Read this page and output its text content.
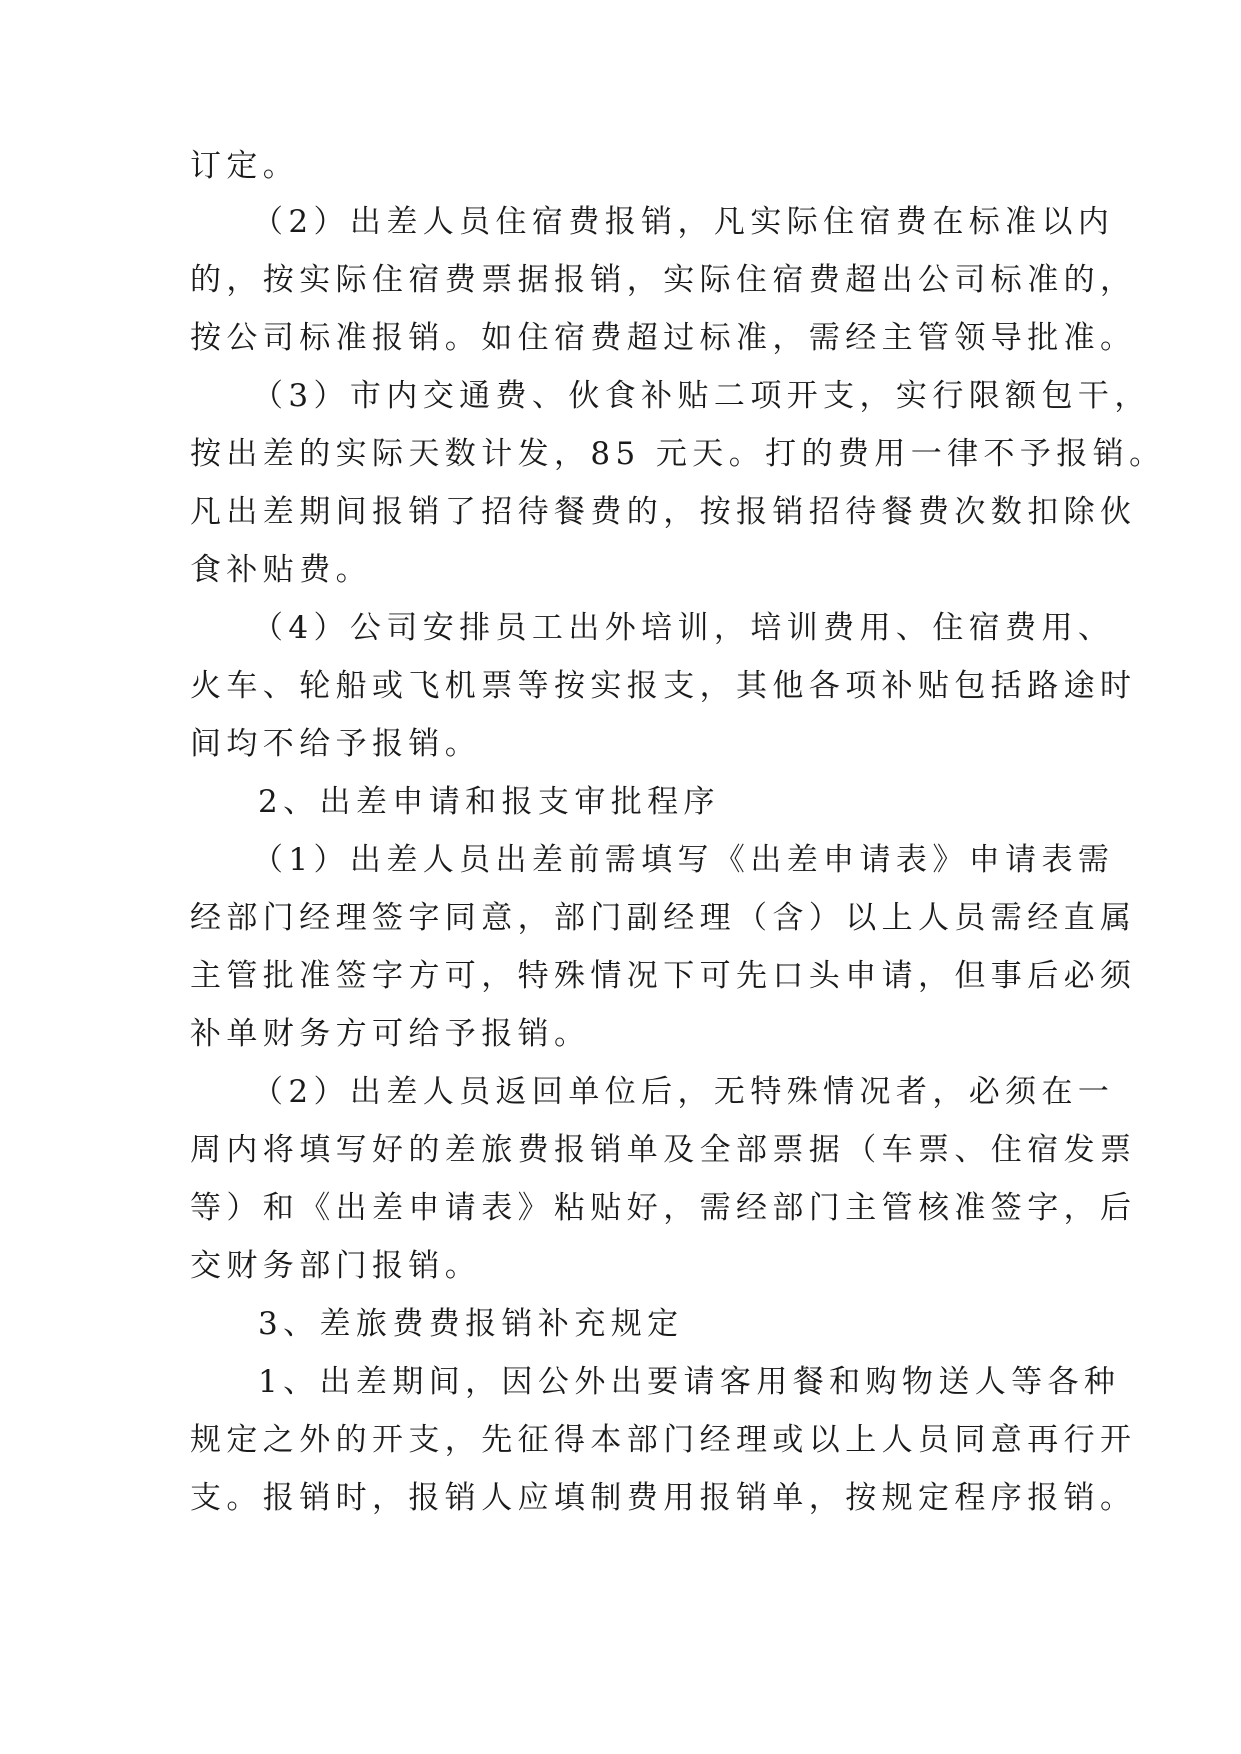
订定。
（2）出差人员住宿费报销，凡实际住宿费在标准以内
的，按实际住宿费票据报销，实际住宿费超出公司标准的，
按公司标准报销。如住宿费超过标准，需经主管领导批准。
（3）市内交通费、伙食补贴二项开支，实行限额包干，
按出差的实际天数计发，85 元天。打的费用一律不予报销。
凡出差期间报销了招待餐费的，按报销招待餐费次数扣除伙
食补贴费。
（4）公司安排员工出外培训，培训费用、住宿费用、
火车、轮船或飞机票等按实报支，其他各项补贴包括路途时
间均不给予报销。
2、出差申请和报支审批程序
（1）出差人员出差前需填写《出差申请表》申请表需
经部门经理签字同意，部门副经理（含）以上人员需经直属
主管批准签字方可，特殊情况下可先口头申请，但事后必须
补单财务方可给予报销。
（2）出差人员返回单位后，无特殊情况者，必须在一
周内将填写好的差旅费报销单及全部票据（车票、住宿发票
等）和《出差申请表》粘贴好，需经部门主管核准签字，后
交财务部门报销。
3、差旅费费报销补充规定
1、出差期间，因公外出要请客用餐和购物送人等各种
规定之外的开支，先征得本部门经理或以上人员同意再行开
支。报销时，报销人应填制费用报销单，按规定程序报销。
